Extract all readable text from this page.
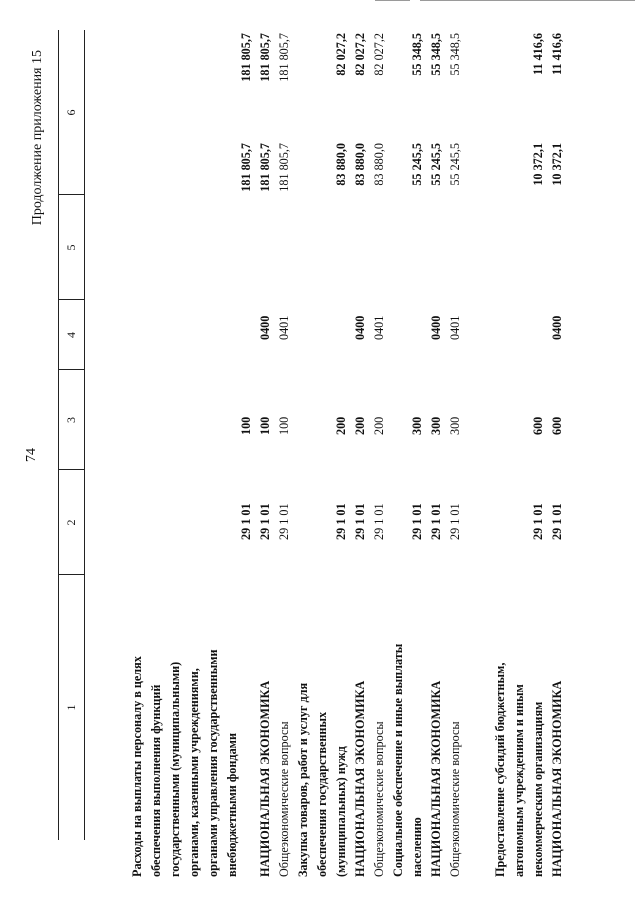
74
Продолжение приложения 15
1
2
3
4
5
6
Расходы на выплаты персоналу в целях обеспечения выполнения функций государственными (муниципальными) органами, казенными учреждениями, органами управления государственными внебюджетными фондами
29 1 01
100
181 805,7
181 805,7
НАЦИОНАЛЬНАЯ ЭКОНОМИКА
29 1 01
100
0400
181 805,7
181 805,7
Общеэкономические вопросы
29 1 01
100
0401
181 805,7
181 805,7
Закупка товаров, работ и услуг для обеспечения государственных (муниципальных) нужд
29 1 01
200
83 880,0
82 027,2
НАЦИОНАЛЬНАЯ ЭКОНОМИКА
29 1 01
200
0400
83 880,0
82 027,2
Общеэкономические вопросы
29 1 01
200
0401
83 880,0
82 027,2
Социальное обеспечение и иные выплаты населению
29 1 01
300
55 245,5
55 348,5
НАЦИОНАЛЬНАЯ ЭКОНОМИКА
29 1 01
300
0400
55 245,5
55 348,5
Общеэкономические вопросы
29 1 01
300
0401
55 245,5
55 348,5
Предоставление субсидий бюджетным, автономным учреждениям и иным некоммерческим организациям
29 1 01
600
10 372,1
11 416,6
НАЦИОНАЛЬНАЯ ЭКОНОМИКА
29 1 01
600
0400
10 372,1
11 416,6
